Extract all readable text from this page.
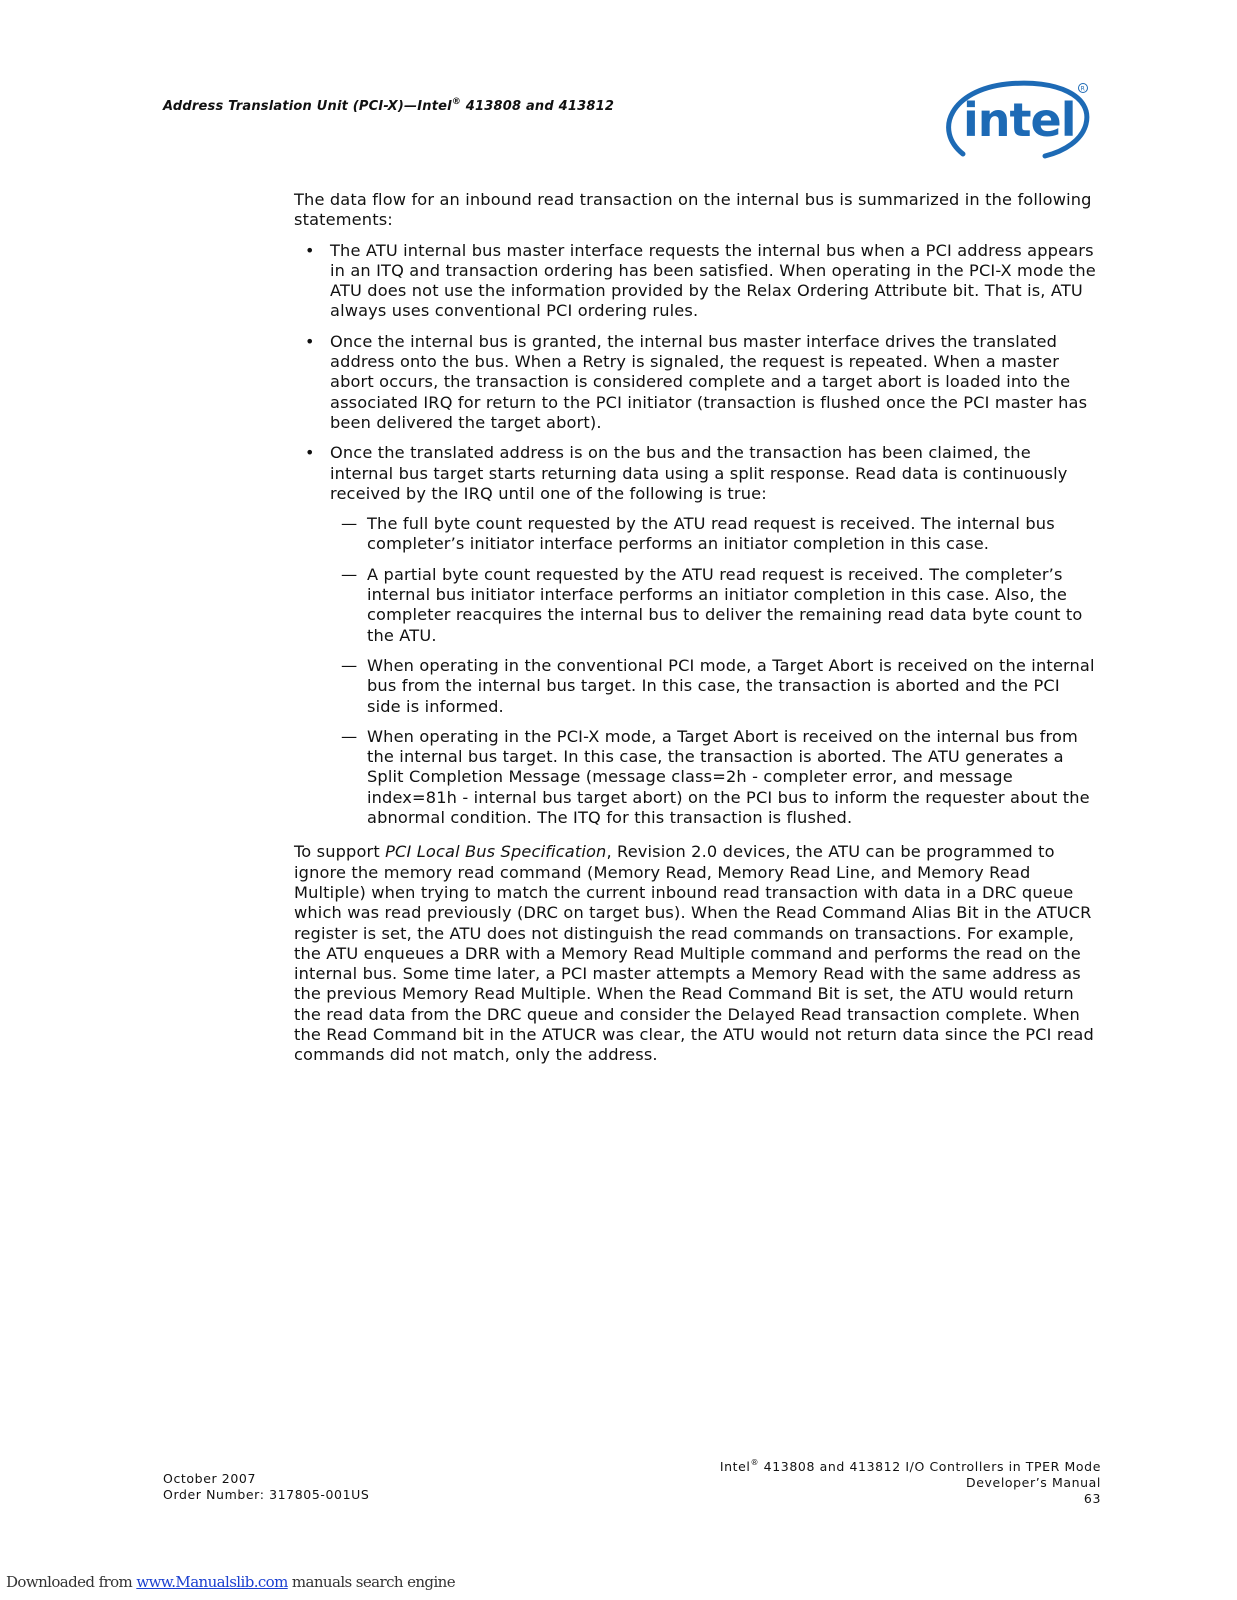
Address Translation Unit (PCI-X)—Intel® 413808 and 413812	intel
R

The data flow for an inbound read transaction on the internal bus is summarized in the following statements:

• The ATU internal bus master interface requests the internal bus when a PCI address appears in an ITQ and transaction ordering has been satisfied. When operating in the PCI-X mode the ATU does not use the information provided by the Relax Ordering Attribute bit. That is, ATU always uses conventional PCI ordering rules.
• Once the internal bus is granted, the internal bus master interface drives the translated address onto the bus. When a Retry is signaled, the request is repeated. When a master abort occurs, the transaction is considered complete and a target abort is loaded into the associated IRQ for return to the PCI initiator (transaction is flushed once the PCI master has been delivered the target abort).
• Once the translated address is on the bus and the transaction has been claimed, the internal bus target starts returning data using a split response. Read data is continuously received by the IRQ until one of the following is true:
— The full byte count requested by the ATU read request is received. The internal bus completer’s initiator interface performs an initiator completion in this case.
— A partial byte count requested by the ATU read request is received. The completer’s internal bus initiator interface performs an initiator completion in this case. Also, the completer reacquires the internal bus to deliver the remaining read data byte count to the ATU.
— When operating in the conventional PCI mode, a Target Abort is received on the internal bus from the internal bus target. In this case, the transaction is aborted and the PCI side is informed.
— When operating in the PCI-X mode, a Target Abort is received on the internal bus from the internal bus target. In this case, the transaction is aborted. The ATU generates a Split Completion Message (message class=2h - completer error, and message index=81h - internal bus target abort) on the PCI bus to inform the requester about the abnormal condition. The ITQ for this transaction is flushed.

To support PCI Local Bus Specification, Revision 2.0 devices, the ATU can be programmed to ignore the memory read command (Memory Read, Memory Read Line, and Memory Read Multiple) when trying to match the current inbound read transaction with data in a DRC queue which was read previously (DRC on target bus). When the Read Command Alias Bit in the ATUCR register is set, the ATU does not distinguish the read commands on transactions. For example, the ATU enqueues a DRR with a Memory Read Multiple command and performs the read on the internal bus. Some time later, a PCI master attempts a Memory Read with the same address as the previous Memory Read Multiple. When the Read Command Bit is set, the ATU would return the read data from the DRC queue and consider the Delayed Read transaction complete. When the Read Command bit in the ATUCR was clear, the ATU would not return data since the PCI read commands did not match, only the address.

October 2007
Order Number: 317805-001US
Intel® 413808 and 413812 I/O Controllers in TPER Mode
Developer’s Manual
63
Downloaded from www.Manualslib.com manuals search engine
